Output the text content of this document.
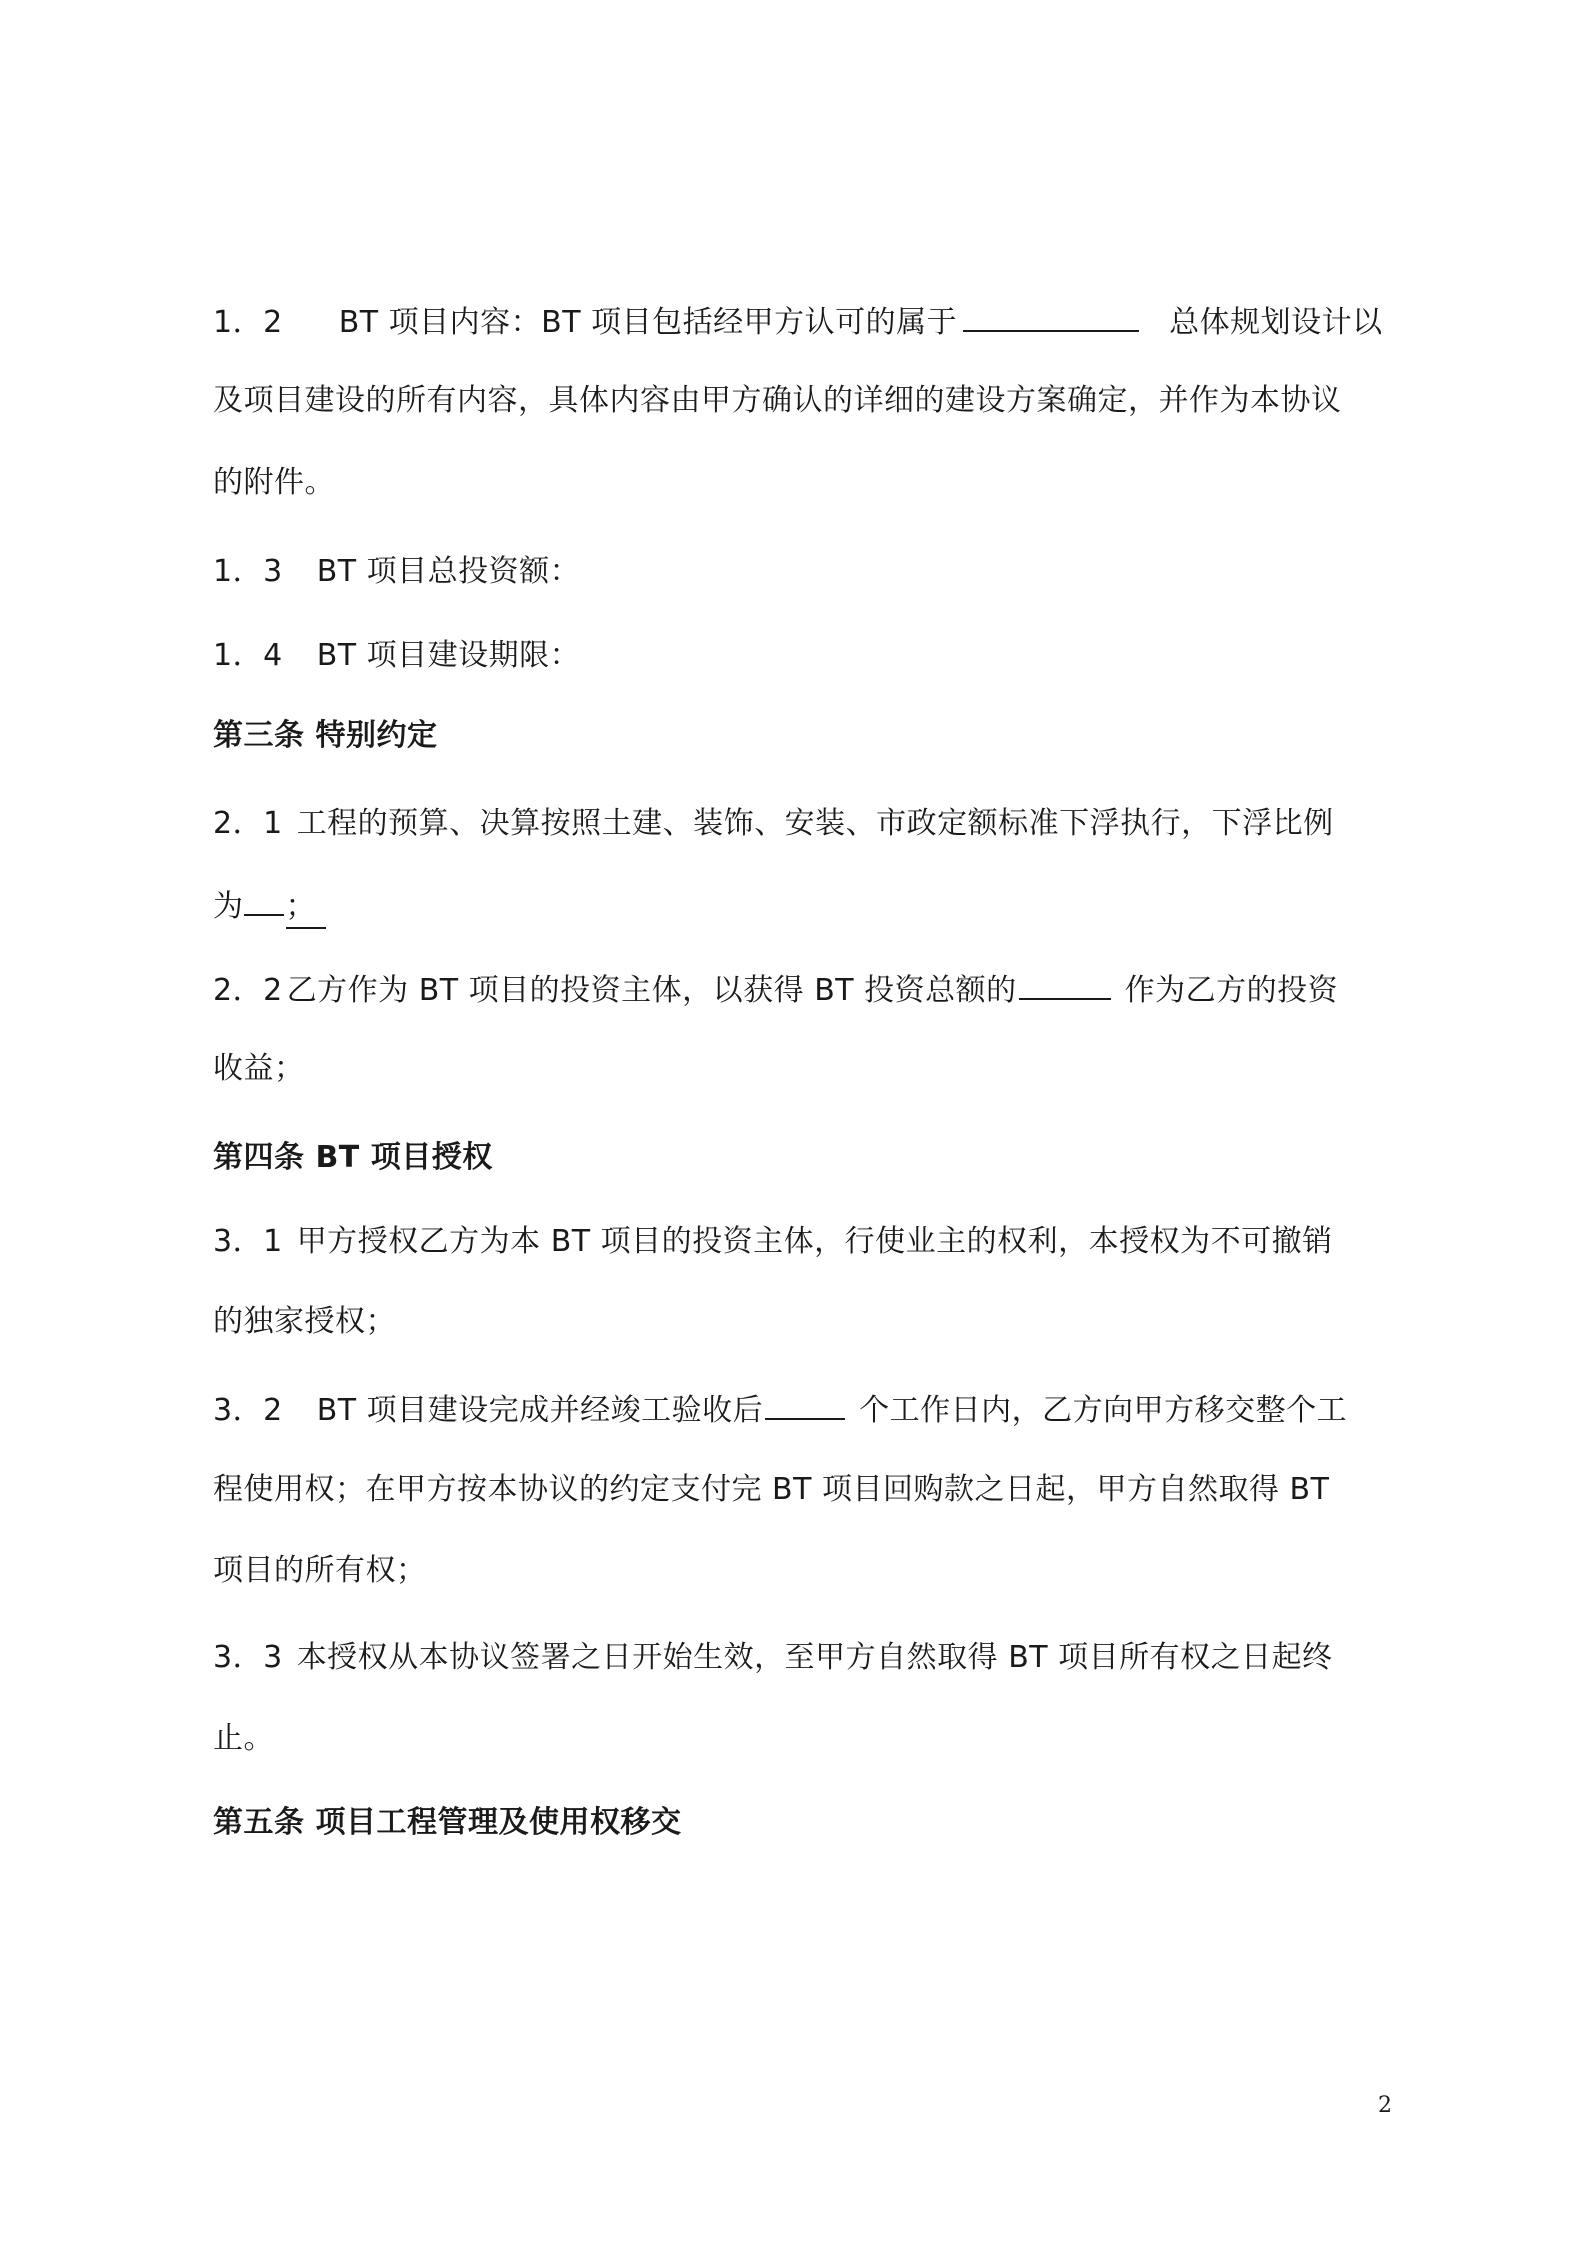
1．2 BT 项目内容：BT 项目包括经甲方认可的属于	总体规划设计以
及项目建设的所有内容，具体内容由甲方确认的详细的建设方案确定，并作为本协议
的附件。
1．3 BT 项目总投资额：
1．4 BT 项目建设期限：
第三条 特别约定
2．1 工程的预算、决算按照土建、装饰、安装、市政定额标准下浮执行，下浮比例
为 ；
2．2 乙方作为 BT 项目的投资主体，以获得 BT 投资总额的	作为乙方的投资
收益；
第四条 BT 项目授权
3．1 甲方授权乙方为本 BT 项目的投资主体，行使业主的权利，本授权为不可撤销
的独家授权；
3．2 BT 项目建设完成并经竣工验收后	个工作日内，乙方向甲方移交整个工
程使用权；在甲方按本协议的约定支付完 BT 项目回购款之日起，甲方自然取得 BT
项目的所有权；
3．3 本授权从本协议签署之日开始生效，至甲方自然取得 BT 项目所有权之日起终
止。
第五条 项目工程管理及使用权移交
2
